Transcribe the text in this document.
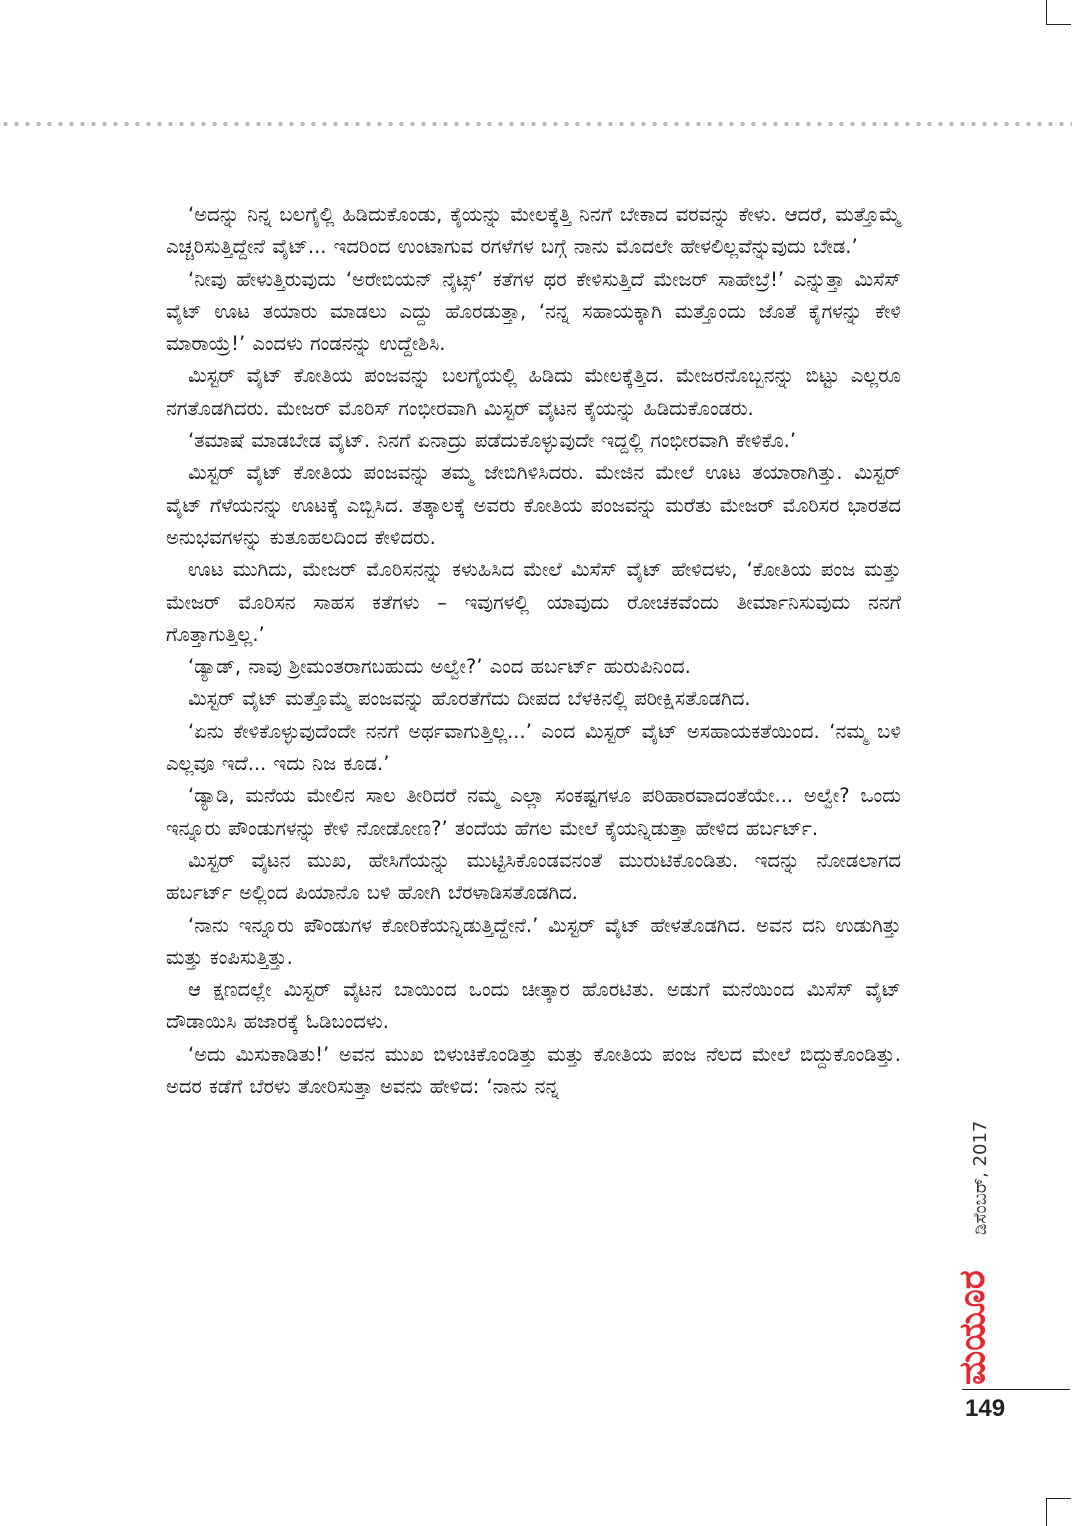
‘ಅದನ್ನು ನಿನ್ನ ಬಲಗೈಲ್ಲಿ ಹಿಡಿದುಕೊಂಡು, ಕೈಯನ್ನು ಮೇಲಕ್ಕೆತ್ತಿ ನಿನಗೆ ಬೇಕಾದ ವರವನ್ನು ಕೇಳು. ಆದರೆ, ಮತ್ತೊಮ್ಮೆ ಎಚ್ಚರಿಸುತ್ತಿದ್ದೇನೆ ವೈಟ್... ಇದರಿಂದ ಉಂಟಾಗುವ ರಗಳೆಗಳ ಬಗ್ಗೆ ನಾನು ಮೊದಲೇ ಹೇಳಲಿಲ್ಲವೆನ್ನುವುದು ಬೇಡ.’

‘ನೀವು ಹೇಳುತ್ತಿರುವುದು ‘ಅರೇಬಿಯನ್ ನೈಟ್ಸ್’ ಕತೆಗಳ ಥರ ಕೇಳಿಸುತ್ತಿದೆ ಮೇಜರ್ ಸಾಹೇಬ್ರೆ!’ ಎನ್ನುತ್ತಾ ಮಿಸೆಸ್ ವೈಟ್ ಊಟ ತಯಾರು ಮಾಡಲು ಎದ್ದು ಹೊರಡುತ್ತಾ, ‘ನನ್ನ ಸಹಾಯಕ್ಕಾಗಿ ಮತ್ತೊಂದು ಜೊತೆ ಕೈಗಳನ್ನು ಕೇಳಿ ಮಾರಾಯ್ರೆ!’ ಎಂದಳು ಗಂಡನನ್ನು ಉದ್ದೇಶಿಸಿ.

ಮಿಸ್ಟರ್ ವೈಟ್ ಕೋತಿಯ ಪಂಜವನ್ನು ಬಲಗೈಯಲ್ಲಿ ಹಿಡಿದು ಮೇಲಕ್ಕೆತ್ತಿದ. ಮೇಜರನೊಬ್ಬನನ್ನು ಬಿಟ್ಟು ಎಲ್ಲರೂ ನಗತೊಡಗಿದರು. ಮೇಜರ್ ಮೊರಿಸ್ ಗಂಭೀರವಾಗಿ ಮಿಸ್ಟರ್ ವೈಟನ ಕೈಯನ್ನು ಹಿಡಿದುಕೊಂಡರು.

‘ತಮಾಷೆ ಮಾಡಬೇಡ ವೈಟ್. ನಿನಗೆ ಏನಾದ್ರು ಪಡೆದುಕೊಳ್ಳುವುದೇ ಇದ್ದಲ್ಲಿ ಗಂಭೀರವಾಗಿ ಕೇಳಿಕೊ.’

ಮಿಸ್ಟರ್ ವೈಟ್ ಕೋತಿಯ ಪಂಜವನ್ನು ತಮ್ಮ ಜೇಬಿಗಿಳಿಸಿದರು. ಮೇಜಿನ ಮೇಲೆ ಊಟ ತಯಾರಾಗಿತ್ತು. ಮಿಸ್ಟರ್ ವೈಟ್ ಗೆಳೆಯನನ್ನು ಊಟಕ್ಕೆ ಎಬ್ಬಿಸಿದ. ತತ್ಕಾಲಕ್ಕೆ ಅವರು ಕೋತಿಯ ಪಂಜವನ್ನು ಮರೆತು ಮೇಜರ್ ಮೊರಿಸರ ಭಾರತದ ಅನುಭವಗಳನ್ನು ಕುತೂಹಲದಿಂದ ಕೇಳಿದರು.

ಊಟ ಮುಗಿದು, ಮೇಜರ್ ಮೊರಿಸನನ್ನು ಕಳುಹಿಸಿದ ಮೇಲೆ ಮಿಸೆಸ್ ವೈಟ್ ಹೇಳಿದಳು, ‘ಕೋತಿಯ ಪಂಜ ಮತ್ತು ಮೇಜರ್ ಮೊರಿಸನ ಸಾಹಸ ಕತೆಗಳು – ಇವುಗಳಲ್ಲಿ ಯಾವುದು ರೋಚಕವೆಂದು ತೀರ್ಮಾನಿಸುವುದು ನನಗೆ ಗೊತ್ತಾಗುತ್ತಿಲ್ಲ.’

‘ಡ್ಯಾಡ್, ನಾವು ಶ್ರೀಮಂತರಾಗಬಹುದು ಅಲ್ವೇ?’ ಎಂದ ಹರ್ಬರ್ಟ್ ಹುರುಪಿನಿಂದ.

ಮಿಸ್ಟರ್ ವೈಟ್ ಮತ್ತೊಮ್ಮೆ ಪಂಜವನ್ನು ಹೊರತೆಗೆದು ದೀಪದ ಬೆಳಕಿನಲ್ಲಿ ಪರೀಕ್ಷಿಸತೊಡಗಿದ.

‘ಏನು ಕೇಳಿಕೊಳ್ಳುವುದೆಂದೇ ನನಗೆ ಅರ್ಥವಾಗುತ್ತಿಲ್ಲ...’ ಎಂದ ಮಿಸ್ಟರ್ ವೈಟ್ ಅಸಹಾಯಕತೆಯಿಂದ. ‘ನಮ್ಮ ಬಳಿ ಎಲ್ಲವೂ ಇದೆ... ಇದು ನಿಜ ಕೂಡ.’

‘ಡ್ಯಾಡಿ, ಮನೆಯ ಮೇಲಿನ ಸಾಲ ತೀರಿದರೆ ನಮ್ಮ ಎಲ್ಲಾ ಸಂಕಷ್ಟಗಳೂ ಪರಿಹಾರವಾದಂತೆಯೇ... ಅಲ್ವೇ? ಒಂದು ಇನ್ನೂರು ಪೌಂಡುಗಳನ್ನು ಕೇಳಿ ನೋಡೋಣ?’ ತಂದೆಯ ಹೆಗಲ ಮೇಲೆ ಕೈಯನ್ನಿಡುತ್ತಾ ಹೇಳಿದ ಹರ್ಬರ್ಟ್.

ಮಿಸ್ಟರ್ ವೈಟನ ಮುಖ, ಹೇಸಿಗೆಯನ್ನು ಮುಟ್ಟಿಸಿಕೊಂಡವನಂತೆ ಮುರುಟಿಕೊಂಡಿತು. ಇದನ್ನು ನೋಡಲಾಗದ ಹರ್ಬರ್ಟ್ ಅಲ್ಲಿಂದ ಪಿಯಾನೊ ಬಳಿ ಹೋಗಿ ಬೆರಳಾಡಿಸತೊಡಗಿದ.

‘ನಾನು ಇನ್ನೂರು ಪೌಂಡುಗಳ ಕೋರಿಕೆಯನ್ನಿಡುತ್ತಿದ್ದೇನೆ.’ ಮಿಸ್ಟರ್ ವೈಟ್ ಹೇಳತೊಡಗಿದ. ಅವನ ದನಿ ಉಡುಗಿತ್ತು ಮತ್ತು ಕಂಪಿಸುತ್ತಿತ್ತು.

ಆ ಕ್ಷಣದಲ್ಲೇ ಮಿಸ್ಟರ್ ವೈಟನ ಬಾಯಿಂದ ಒಂದು ಚೀತ್ಕಾರ ಹೊರಟಿತು. ಅಡುಗೆ ಮನೆಯಿಂದ ಮಿಸೆಸ್ ವೈಟ್ ದೌಡಾಯಿಸಿ ಹಜಾರಕ್ಕೆ ಓಡಿಬಂದಳು.

‘ಅದು ಮಿಸುಕಾಡಿತು!’ ಅವನ ಮುಖ ಬಿಳುಚಿಕೊಂಡಿತ್ತು ಮತ್ತು ಕೋತಿಯ ಪಂಜ ನೆಲದ ಮೇಲೆ ಬಿದ್ದುಕೊಂಡಿತ್ತು. ಅದರ ಕಡೆಗೆ ಬೆರಳು ತೋರಿಸುತ್ತಾ ಅವನು ಹೇಳಿದ: ‘ನಾನು ನನ್ನ

ಮಯೂರ
ಡಿಸೆಂಬರ್, 2017
149
